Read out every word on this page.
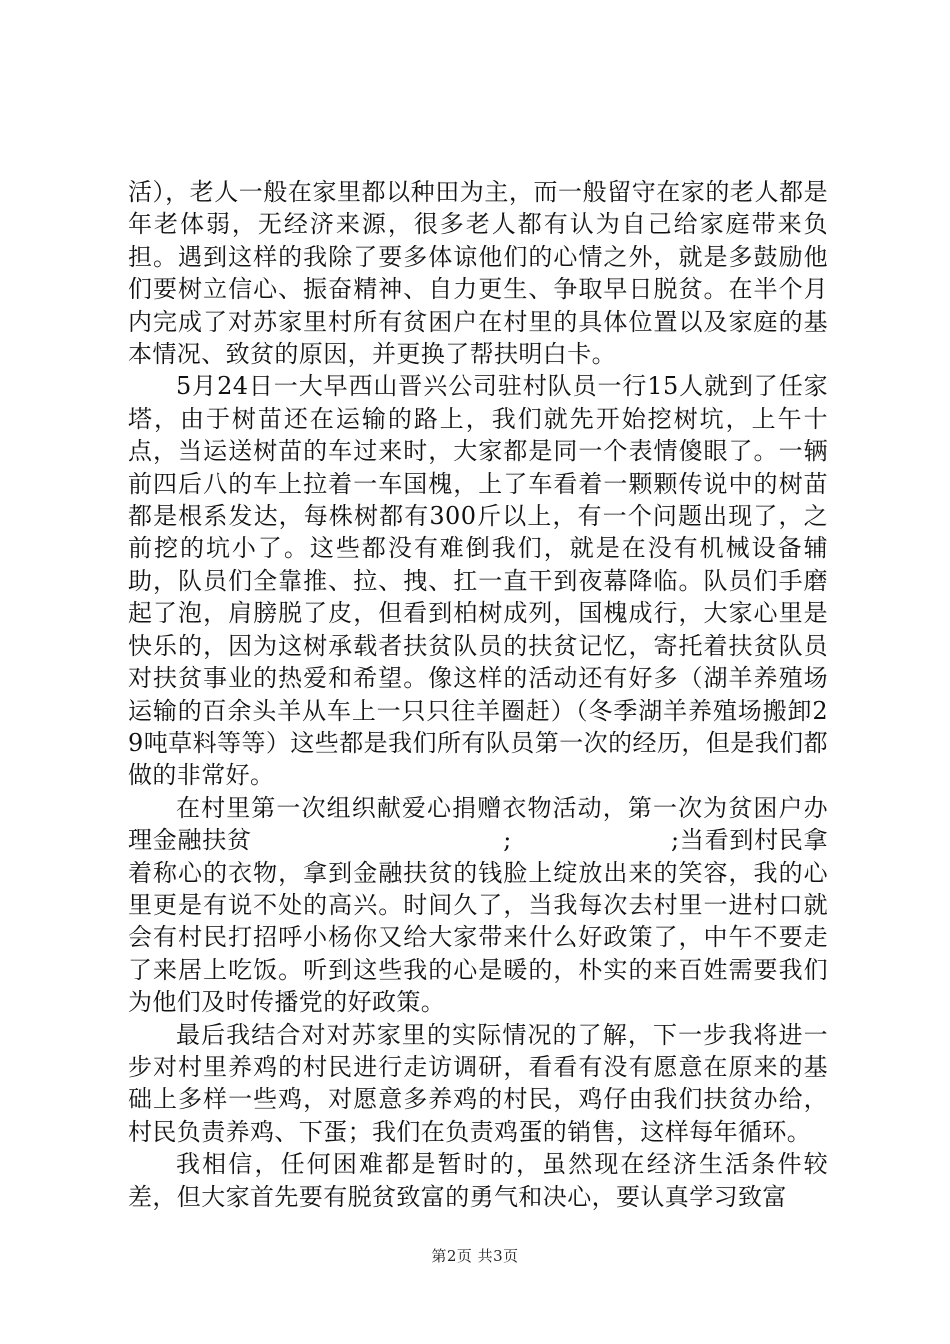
活），老人一般在家里都以种田为主，而一般留守在家的老人都是年老体弱，无经济来源，很多老人都有认为自己给家庭带来负担。遇到这样的我除了要多体谅他们的心情之外，就是多鼓励他们要树立信心、振奋精神、自力更生、争取早日脱贫。在半个月内完成了对苏家里村所有贫困户在村里的具体位置以及家庭的基本情况、致贫的原因，并更换了帮扶明白卡。

5月24日一大早西山晋兴公司驻村队员一行15人就到了任家塔，由于树苗还在运输的路上，我们就先开始挖树坑，上午十点，当运送树苗的车过来时，大家都是同一个表情傻眼了。一辆前四后八的车上拉着一车国槐，上了车看着一颗颗传说中的树苗都是根系发达，每株树都有300斤以上，有一个问题出现了，之前挖的坑小了。这些都没有难倒我们，就是在没有机械设备辅助，队员们全靠推、拉、拽、扛一直干到夜幕降临。队员们手磨起了泡，肩膀脱了皮，但看到柏树成列，国槐成行，大家心里是快乐的，因为这树承载者扶贫队员的扶贫记忆，寄托着扶贫队员对扶贫事业的热爱和希望。像这样的活动还有好多（湖羊养殖场运输的百余头羊从车上一只只往羊圈赶）（冬季湖羊养殖场搬卸29吨草料等等）这些都是我们所有队员第一次的经历，但是我们都做的非常好。

在村里第一次组织献爱心捐赠衣物活动，第一次为贫困户办理金融扶贫                              ;                   ;当看到村民拿着称心的衣物，拿到金融扶贫的钱脸上绽放出来的笑容，我的心里更是有说不处的高兴。时间久了，当我每次去村里一进村口就会有村民打招呼小杨你又给大家带来什么好政策了，中午不要走了来居上吃饭。听到这些我的心是暖的，朴实的来百姓需要我们为他们及时传播党的好政策。

最后我结合对对苏家里的实际情况的了解，下一步我将进一步对村里养鸡的村民进行走访调研，看看有没有愿意在原来的基础上多样一些鸡，对愿意多养鸡的村民，鸡仔由我们扶贫办给，村民负责养鸡、下蛋；我们在负责鸡蛋的销售，这样每年循环。

我相信，任何困难都是暂时的，虽然现在经济生活条件较差，但大家首先要有脱贫致富的勇气和决心，要认真学习致富

第2页 共3页
